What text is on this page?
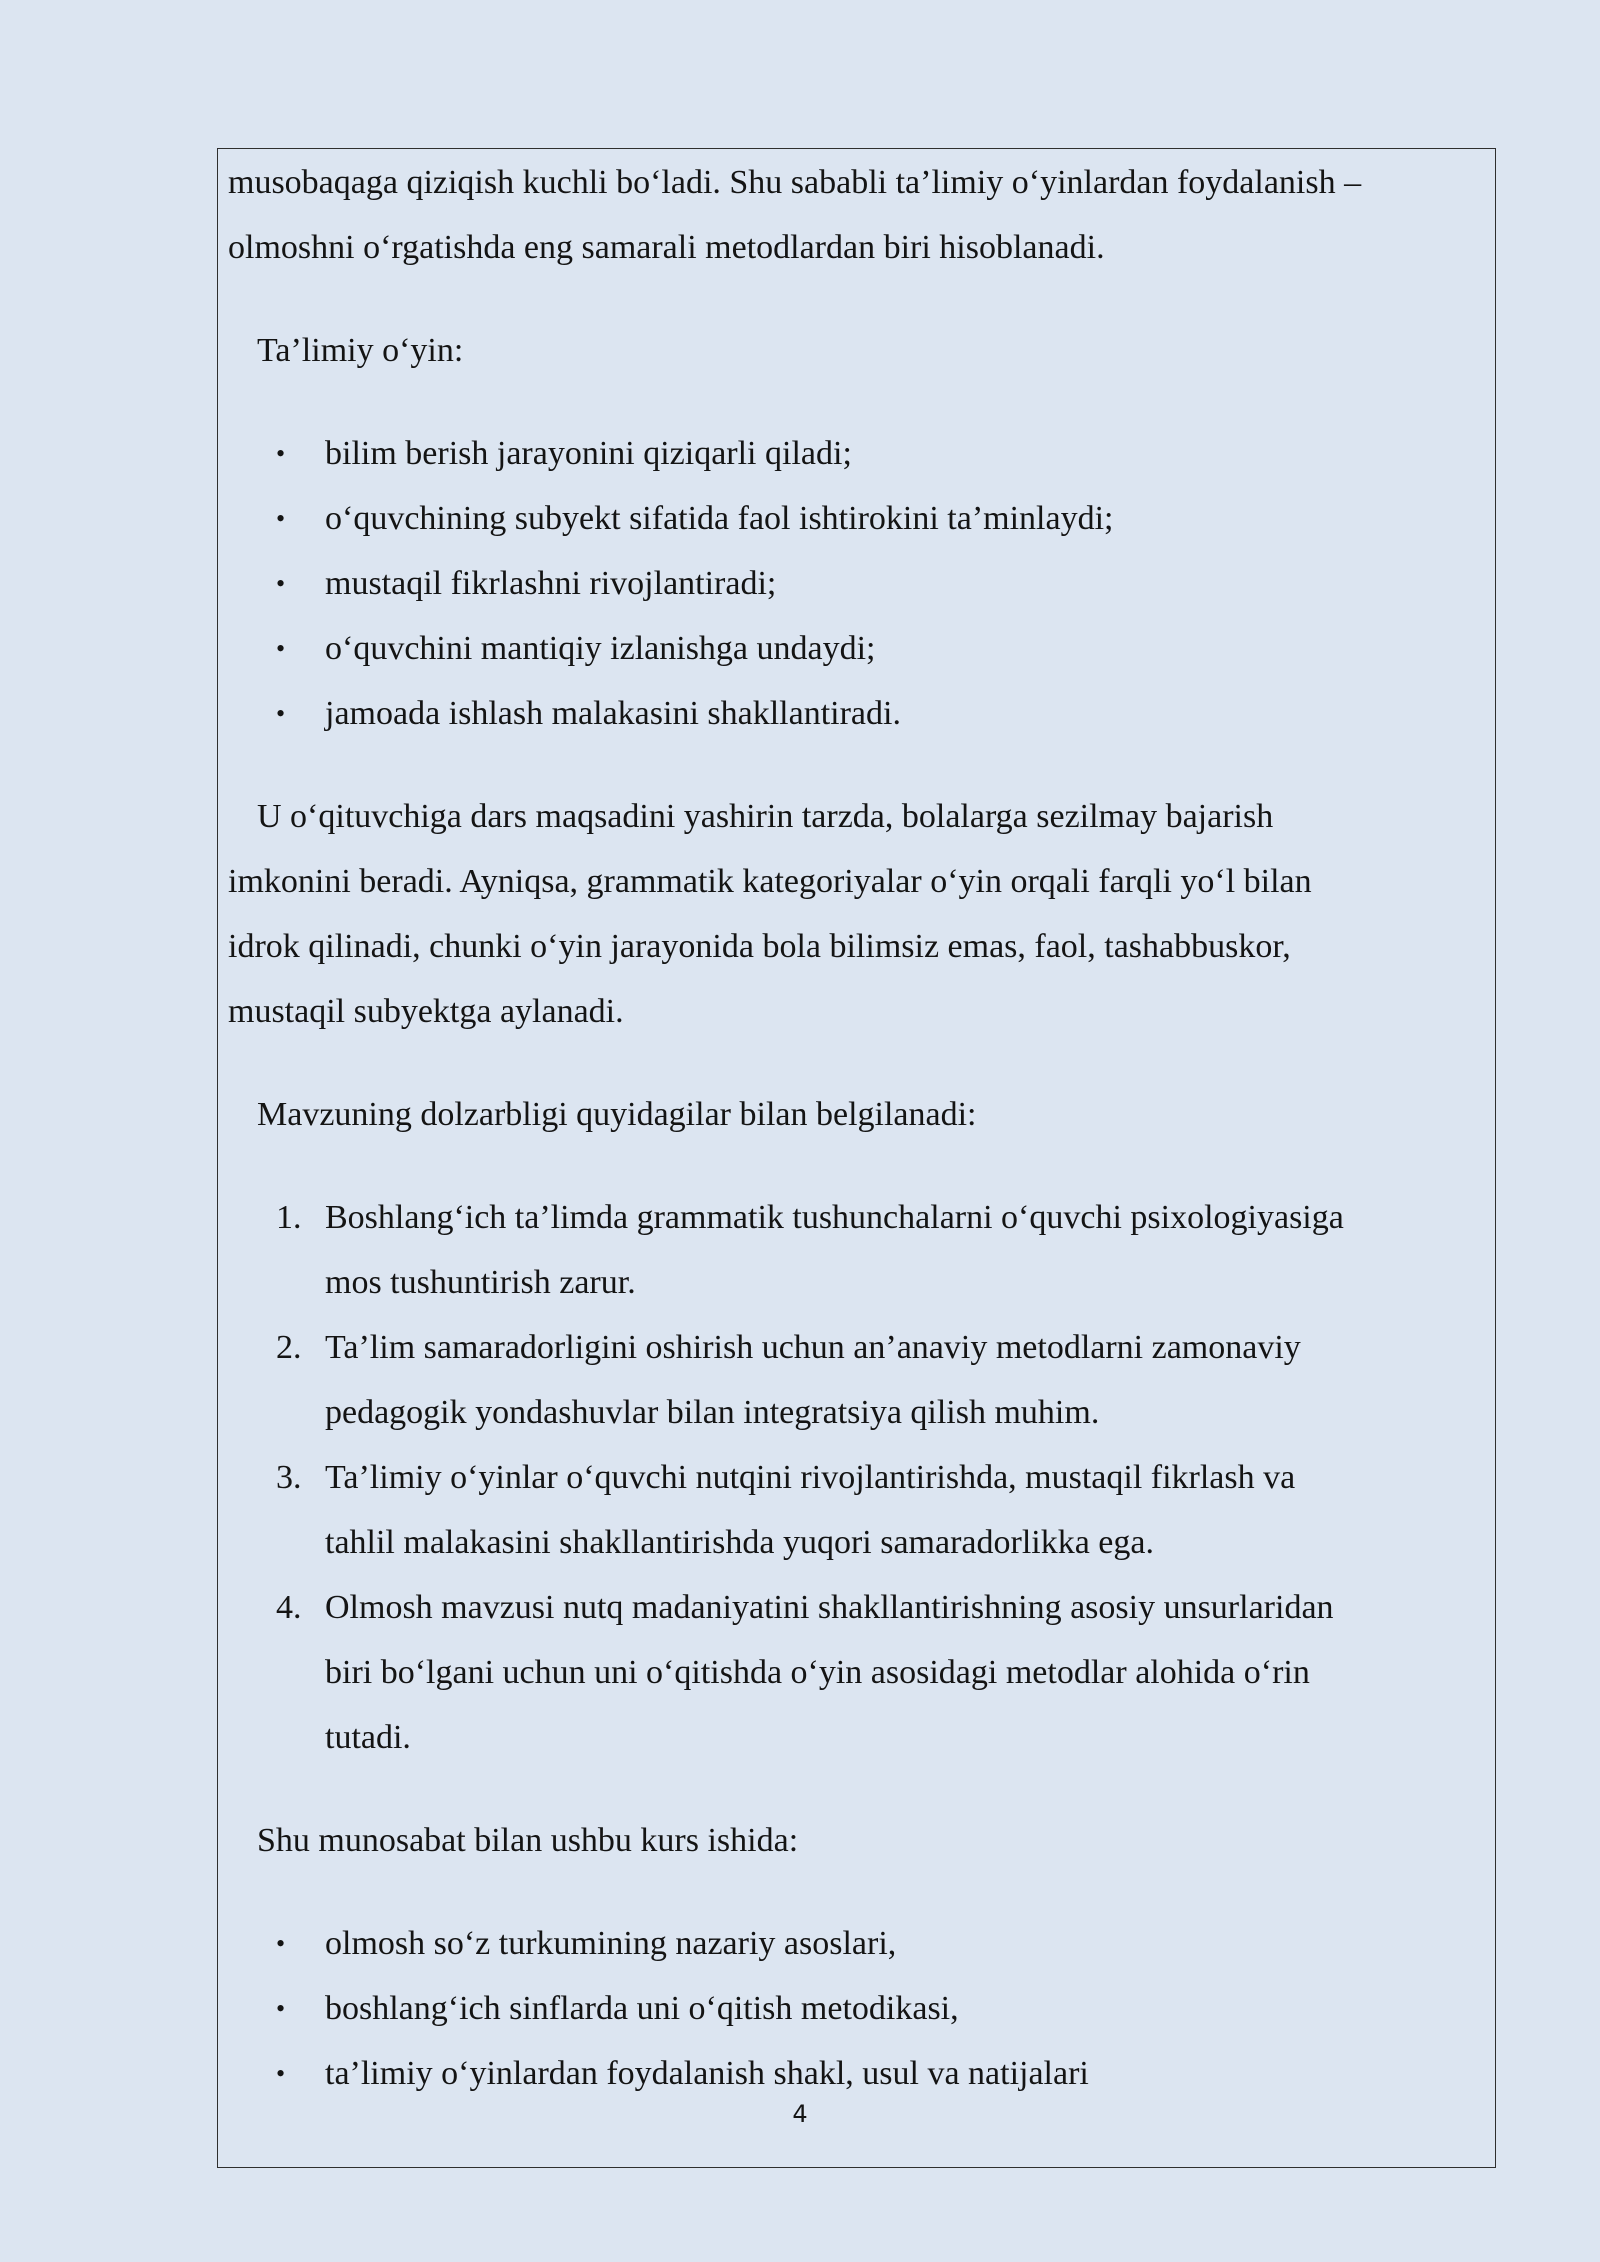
musobaqaga qiziqish kuchli bo‘ladi. Shu sababli ta’limiy o‘yinlardan foydalanish –
olmoshni o‘rgatishda eng samarali metodlardan biri hisoblanadi.

Ta’limiy o‘yin:

• bilim berish jarayonini qiziqarli qiladi;
• o‘quvchining subyekt sifatida faol ishtirokini ta’minlaydi;
• mustaqil fikrlashni rivojlantiradi;
• o‘quvchini mantiqiy izlanishga undaydi;
• jamoada ishlash malakasini shakllantiradi.

U o‘qituvchiga dars maqsadini yashirin tarzda, bolalarga sezilmay bajarish
imkonini beradi. Ayniqsa, grammatik kategoriyalar o‘yin orqali farqli yo‘l bilan
idrok qilinadi, chunki o‘yin jarayonida bola bilimsiz emas, faol, tashabbuskor,
mustaqil subyektga aylanadi.

Mavzuning dolzarbligi quyidagilar bilan belgilanadi:

1. Boshlang‘ich ta’limda grammatik tushunchalarni o‘quvchi psixologiyasiga
mos tushuntirish zarur.
2. Ta’lim samaradorligini oshirish uchun an’anaviy metodlarni zamonaviy
pedagogik yondashuvlar bilan integratsiya qilish muhim.
3. Ta’limiy o‘yinlar o‘quvchi nutqini rivojlantirishda, mustaqil fikrlash va
tahlil malakasini shakllantirishda yuqori samaradorlikka ega.
4. Olmosh mavzusi nutq madaniyatini shakllantirishning asosiy unsurlaridan
biri bo‘lgani uchun uni o‘qitishda o‘yin asosidagi metodlar alohida o‘rin
tutadi.

Shu munosabat bilan ushbu kurs ishida:

• olmosh so‘z turkumining nazariy asoslari,
• boshlang‘ich sinflarda uni o‘qitish metodikasi,
• ta’limiy o‘yinlardan foydalanish shakl, usul va natijalari
4
